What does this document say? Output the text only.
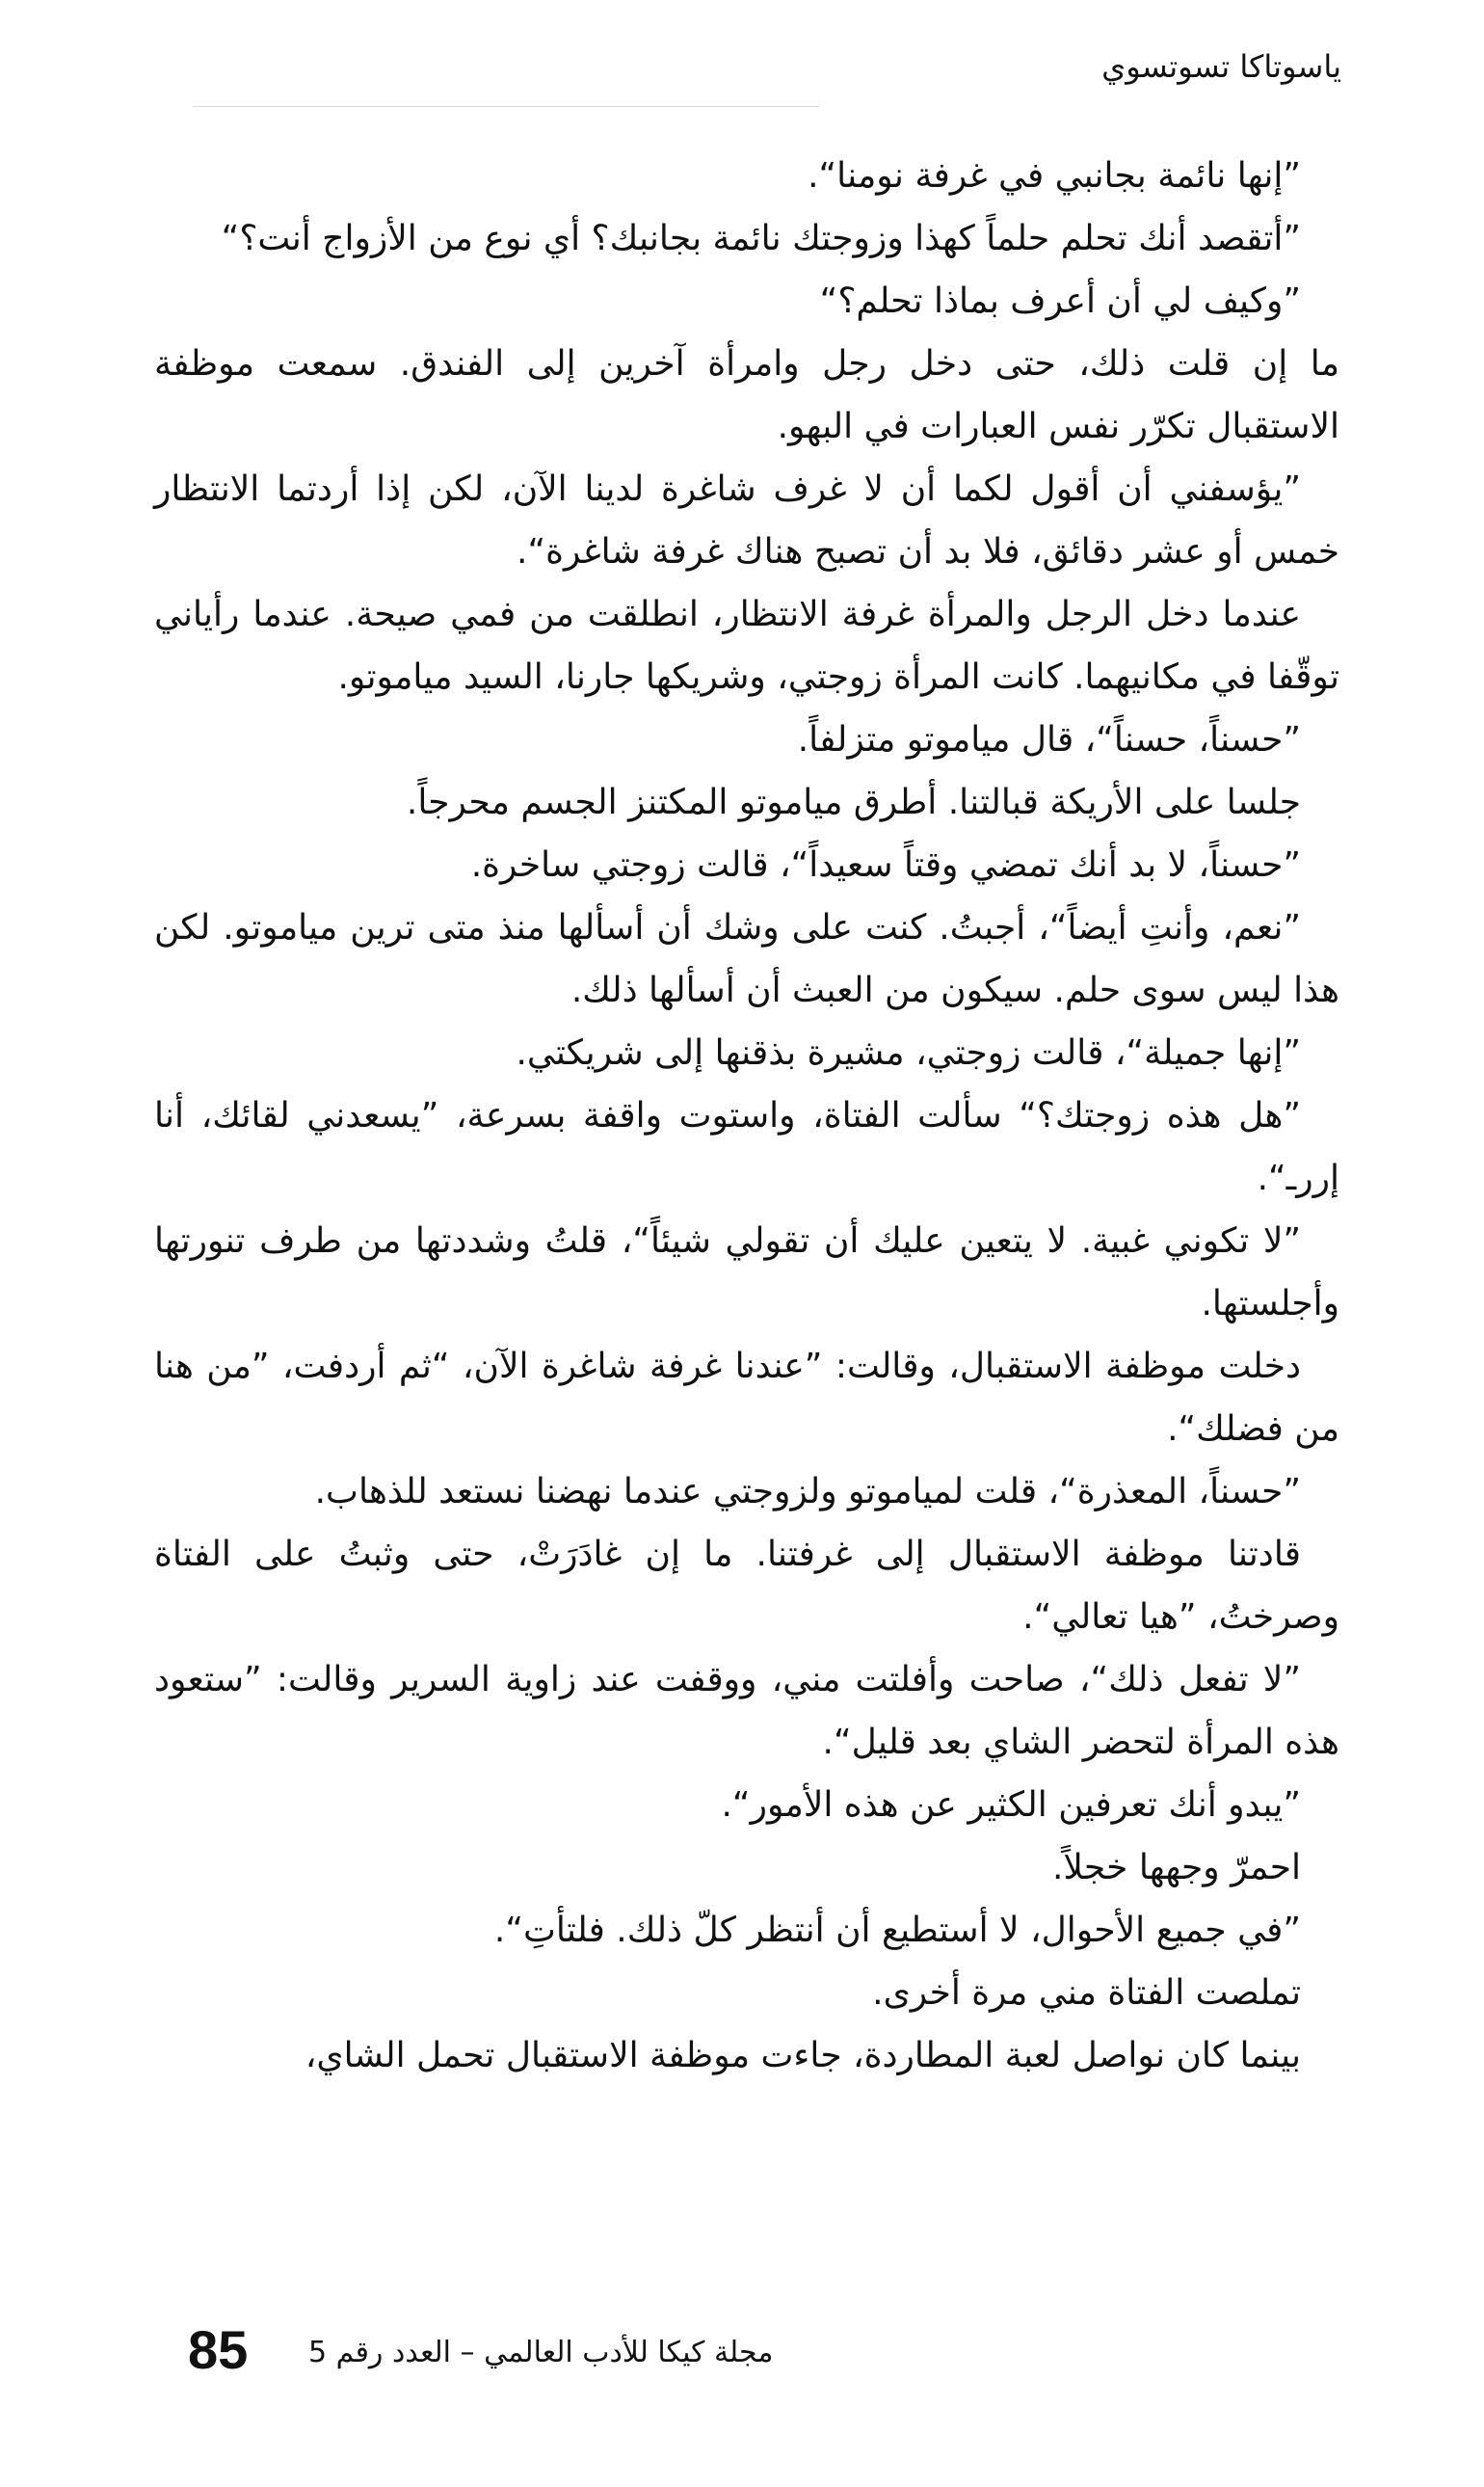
ياسوتاكا تسوتسوي

”إنها نائمة بجانبي في غرفة نومنا“.

”أتقصد أنك تحلم حلماً كهذا وزوجتك نائمة بجانبك؟ أي نوع من الأزواج أنت؟“

”وكيف لي أن أعرف بماذا تحلم؟“

ما إن قلت ذلك، حتى دخل رجل وامرأة آخرين إلى الفندق. سمعت موظفة الاستقبال تكرّر نفس العبارات في البهو.

”يؤسفني أن أقول لكما أن لا غرف شاغرة لدينا الآن، لكن إذا أردتما الانتظار خمس أو عشر دقائق، فلا بد أن تصبح هناك غرفة شاغرة“.

عندما دخل الرجل والمرأة غرفة الانتظار، انطلقت من فمي صيحة. عندما رأياني توقّفا في مكانيهما. كانت المرأة زوجتي، وشريكها جارنا، السيد مياموتو.

”حسناً، حسناً“، قال مياموتو متزلفاً.

جلسا على الأريكة قبالتنا. أطرق مياموتو المكتنز الجسم محرجاً.

”حسناً، لا بد أنك تمضي وقتاً سعيداً“، قالت زوجتي ساخرة.

”نعم، وأنتِ أيضاً“، أجبتُ. كنت على وشك أن أسألها منذ متى ترين مياموتو. لكن هذا ليس سوى حلم. سيكون من العبث أن أسألها ذلك.

”إنها جميلة“، قالت زوجتي، مشيرة بذقنها إلى شريكتي.

”هل هذه زوجتك؟“ سألت الفتاة، واستوت واقفة بسرعة، ”يسعدني لقائك، أنا إررـ“.

”لا تكوني غبية. لا يتعين عليك أن تقولي شيئاً“، قلتُ وشددتها من طرف تنورتها وأجلستها.

دخلت موظفة الاستقبال، وقالت: ”عندنا غرفة شاغرة الآن، “ثم أردفت، ”من هنا من فضلك“.

”حسناً، المعذرة“، قلت لمياموتو ولزوجتي عندما نهضنا نستعد للذهاب.

قادتنا موظفة الاستقبال إلى غرفتنا. ما إن غادَرَتْ، حتى وثبتُ على الفتاة وصرختُ، ”هيا تعالي“.

”لا تفعل ذلك“، صاحت وأفلتت مني، ووقفت عند زاوية السرير وقالت: ”ستعود هذه المرأة لتحضر الشاي بعد قليل“.

”يبدو أنك تعرفين الكثير عن هذه الأمور“.

احمرّ وجهها خجلاً.

”في جميع الأحوال، لا أستطيع أن أنتظر كلّ ذلك. فلتأتِ“.

تملصت الفتاة مني مرة أخرى.

بينما كان نواصل لعبة المطاردة، جاءت موظفة الاستقبال تحمل الشاي،

مجلة كيكا للأدب العالمي – العدد رقم 5
85
